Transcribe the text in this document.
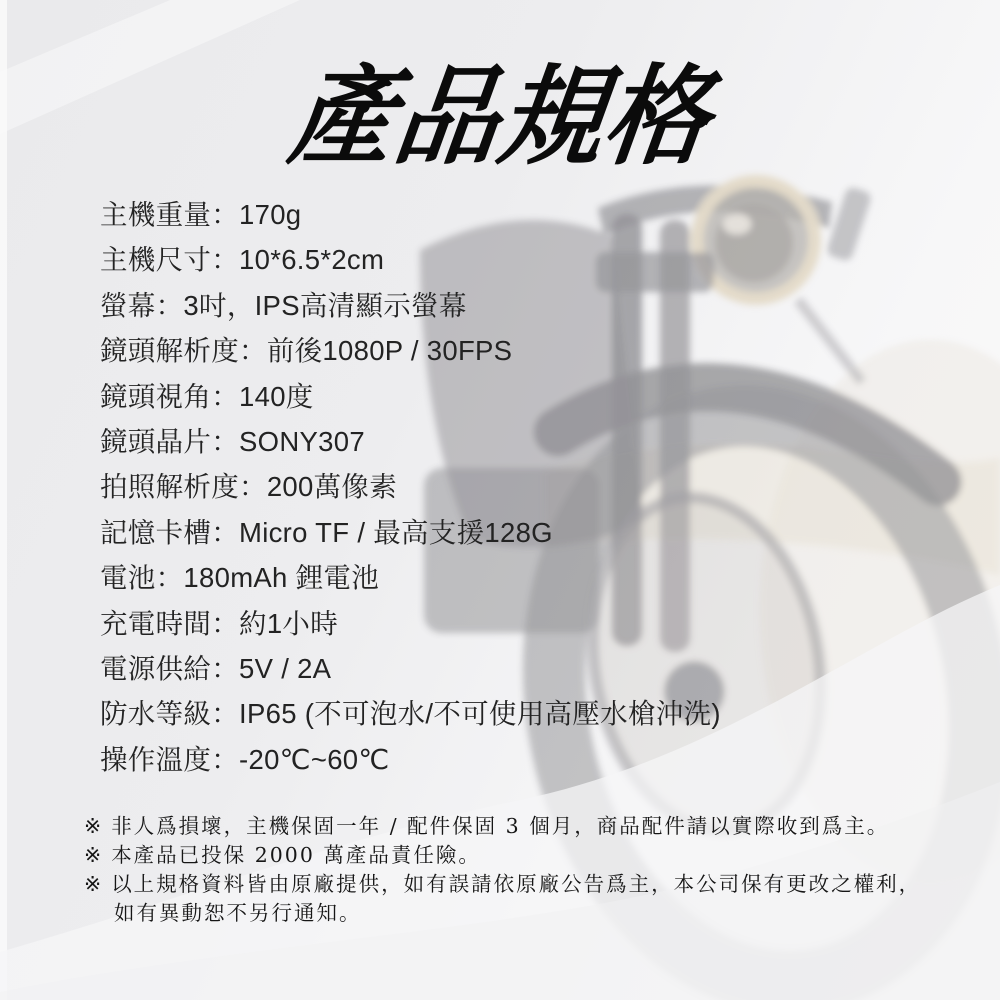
產品規格
主機重量：170g
主機尺寸：10*6.5*2cm
螢幕：3吋，IPS高清顯示螢幕
鏡頭解析度：前後1080P / 30FPS
鏡頭視角：140度
鏡頭晶片：SONY307
拍照解析度：200萬像素
記憶卡槽：Micro TF / 最高支援128G
電池：180mAh 鋰電池
充電時間：約1小時
電源供給：5V / 2A
防水等級：IP65 (不可泡水/不可使用高壓水槍沖洗)
操作溫度：-20℃~60℃
※ 非人爲損壞，主機保固一年 / 配件保固 3 個月，商品配件請以實際收到爲主。
※ 本產品已投保 2000 萬產品責任險。
※ 以上規格資料皆由原廠提供，如有誤請依原廠公告爲主，本公司保有更改之權利，
如有異動恕不另行通知。
